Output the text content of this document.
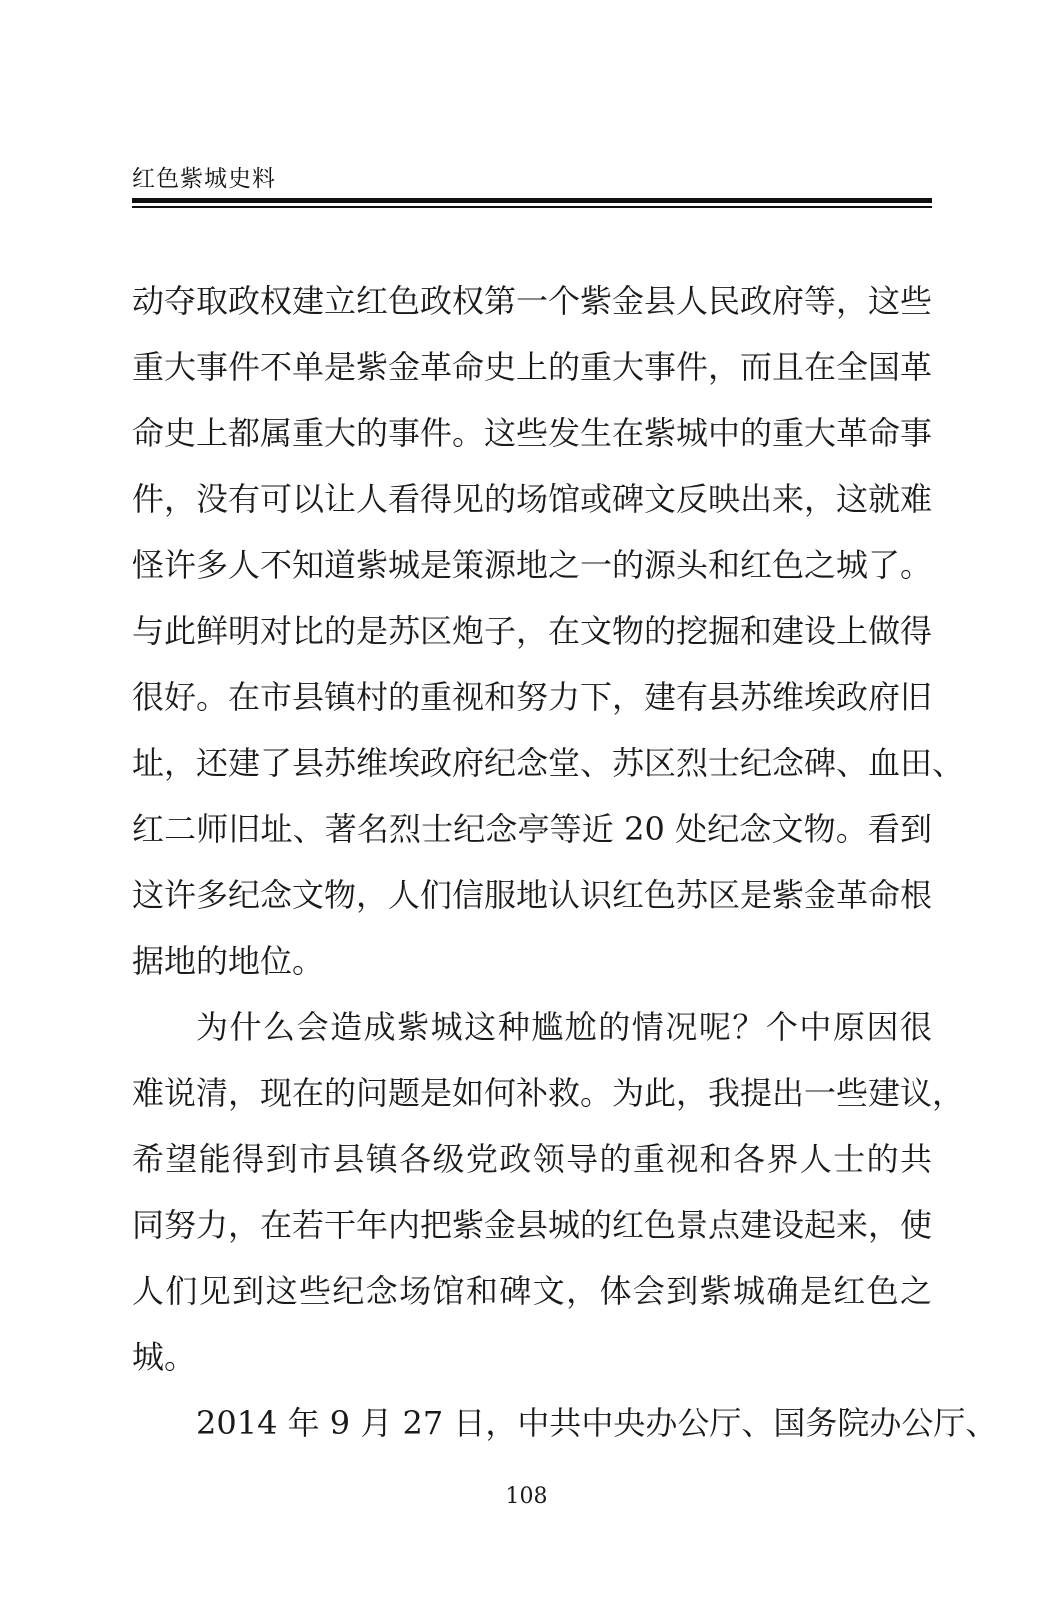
红色紫城史料
动夺取政权建立红色政权第一个紫金县人民政府等，这些
重大事件不单是紫金革命史上的重大事件，而且在全国革
命史上都属重大的事件。这些发生在紫城中的重大革命事
件，没有可以让人看得见的场馆或碑文反映出来，这就难
怪许多人不知道紫城是策源地之一的源头和红色之城了。
与此鲜明对比的是苏区炮子，在文物的挖掘和建设上做得
很好。在市县镇村的重视和努力下，建有县苏维埃政府旧
址，还建了县苏维埃政府纪念堂、苏区烈士纪念碑、血田、
红二师旧址、著名烈士纪念亭等近 20 处纪念文物。看到
这许多纪念文物，人们信服地认识红色苏区是紫金革命根
据地的地位。
为什么会造成紫城这种尴尬的情况呢？个中原因很
难说清，现在的问题是如何补救。为此，我提出一些建议，
希望能得到市县镇各级党政领导的重视和各界人士的共
同努力，在若干年内把紫金县城的红色景点建设起来，使
人们见到这些纪念场馆和碑文，体会到紫城确是红色之
城。
2014 年 9 月 27 日，中共中央办公厅、国务院办公厅、
108
